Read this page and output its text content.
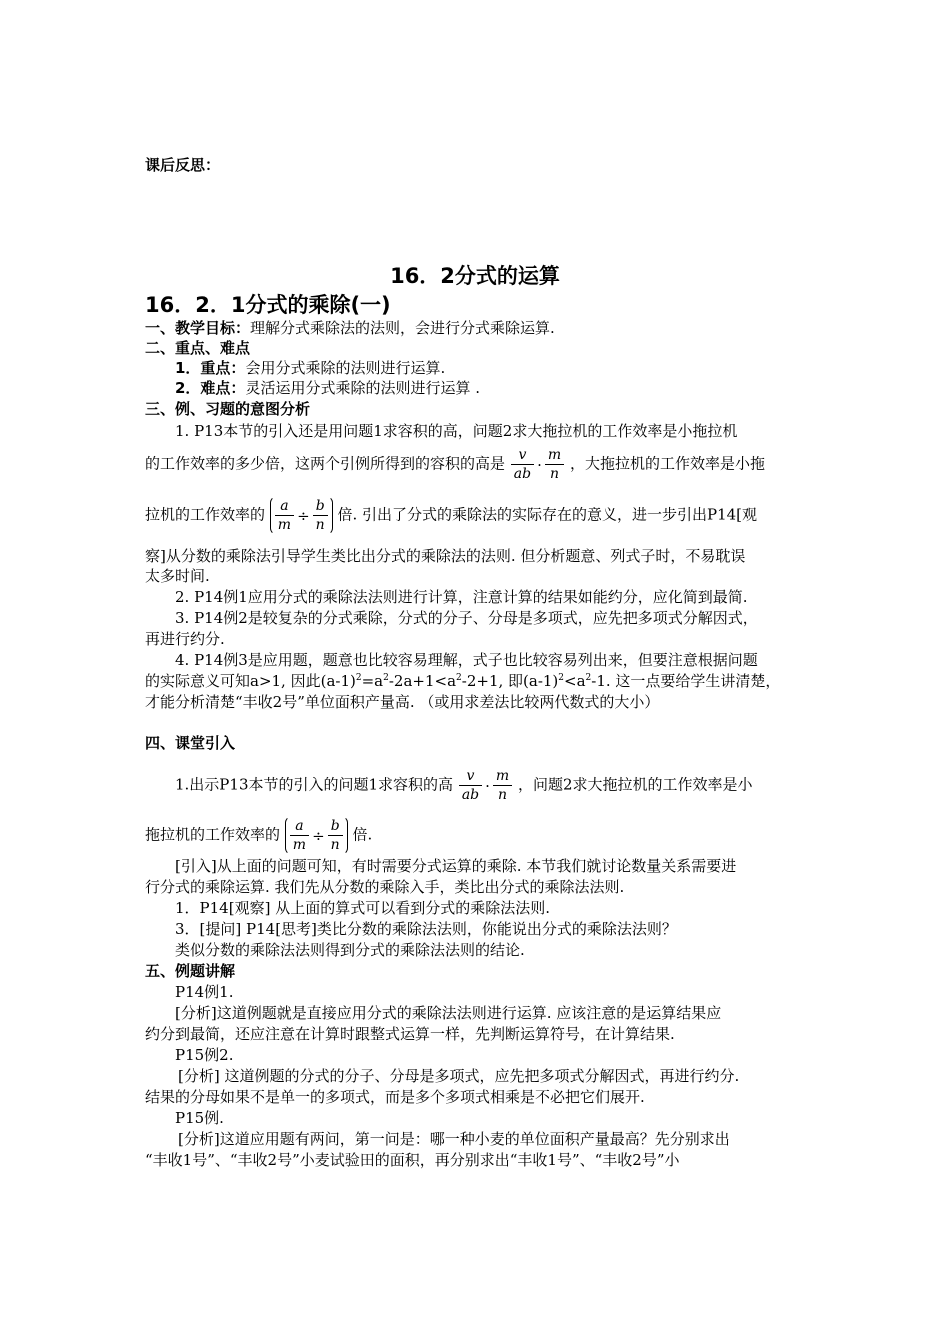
课后反思：
16．2分式的运算
16．2．1分式的乘除(一)
一、教学目标：理解分式乘除法的法则，会进行分式乘除运算.
二、重点、难点
1．重点：会用分式乘除的法则进行运算.
2．难点：灵活运用分式乘除的法则进行运算 .
三、例、习题的意图分析
1. P13本节的引入还是用问题1求容积的高，问题2求大拖拉机的工作效率是小拖拉机
的工作效率的多少倍，这两个引例所得到的容积的高是 $\frac{v}{ab} \cdot \frac{m}{n}$ ，大拖拉机的工作效率是小拖
拉机的工作效率的 $\frac{a}{m} \div \frac{b}{n}$ 倍. 引出了分式的乘除法的实际存在的意义，进一步引出P14[观
察]从分数的乘除法引导学生类比出分式的乘除法的法则. 但分析题意、列式子时，不易耽误
太多时间.
2. P14例1应用分式的乘除法法则进行计算，注意计算的结果如能约分，应化简到最简.
3. P14例2是较复杂的分式乘除，分式的分子、分母是多项式，应先把多项式分解因式，
再进行约分.
4. P14例3是应用题，题意也比较容易理解，式子也比较容易列出来，但要注意根据问题
的实际意义可知a>1, 因此$(a-1)^2=a^2-2a+1<a^2-2+1$, 即$(a-1)^2<a^2-1$. 这一点要给学生讲清楚，
才能分析清楚“丰收2号”单位面积产量高. （或用求差法比较两代数式的大小）
四、课堂引入
1.出示P13本节的引入的问题1求容积的高 $\frac{v}{ab} \cdot \frac{m}{n}$ ，问题2求大拖拉机的工作效率是小
拖拉机的工作效率的 $\frac{a}{m} \div \frac{b}{n}$ 倍.
[引入]从上面的问题可知，有时需要分式运算的乘除. 本节我们就讨论数量关系需要进
行分式的乘除运算. 我们先从分数的乘除入手，类比出分式的乘除法法则.
1．P14[观察] 从上面的算式可以看到分式的乘除法法则.
3．[提问] P14[思考]类比分数的乘除法法则，你能说出分式的乘除法法则？
类似分数的乘除法法则得到分式的乘除法法则的结论.
五、例题讲解
P14例1.
[分析]这道例题就是直接应用分式的乘除法法则进行运算. 应该注意的是运算结果应
约分到最简，还应注意在计算时跟整式运算一样，先判断运算符号，在计算结果.
P15例2.
[分析] 这道例题的分式的分子、分母是多项式，应先把多项式分解因式，再进行约分.
结果的分母如果不是单一的多项式，而是多个多项式相乘是不必把它们展开.
P15例.
[分析]这道应用题有两问，第一问是：哪一种小麦的单位面积产量最高？先分别求出
“丰收1号”、“丰收2号”小麦试验田的面积，再分别求出“丰收1号”、“丰收2号”小
